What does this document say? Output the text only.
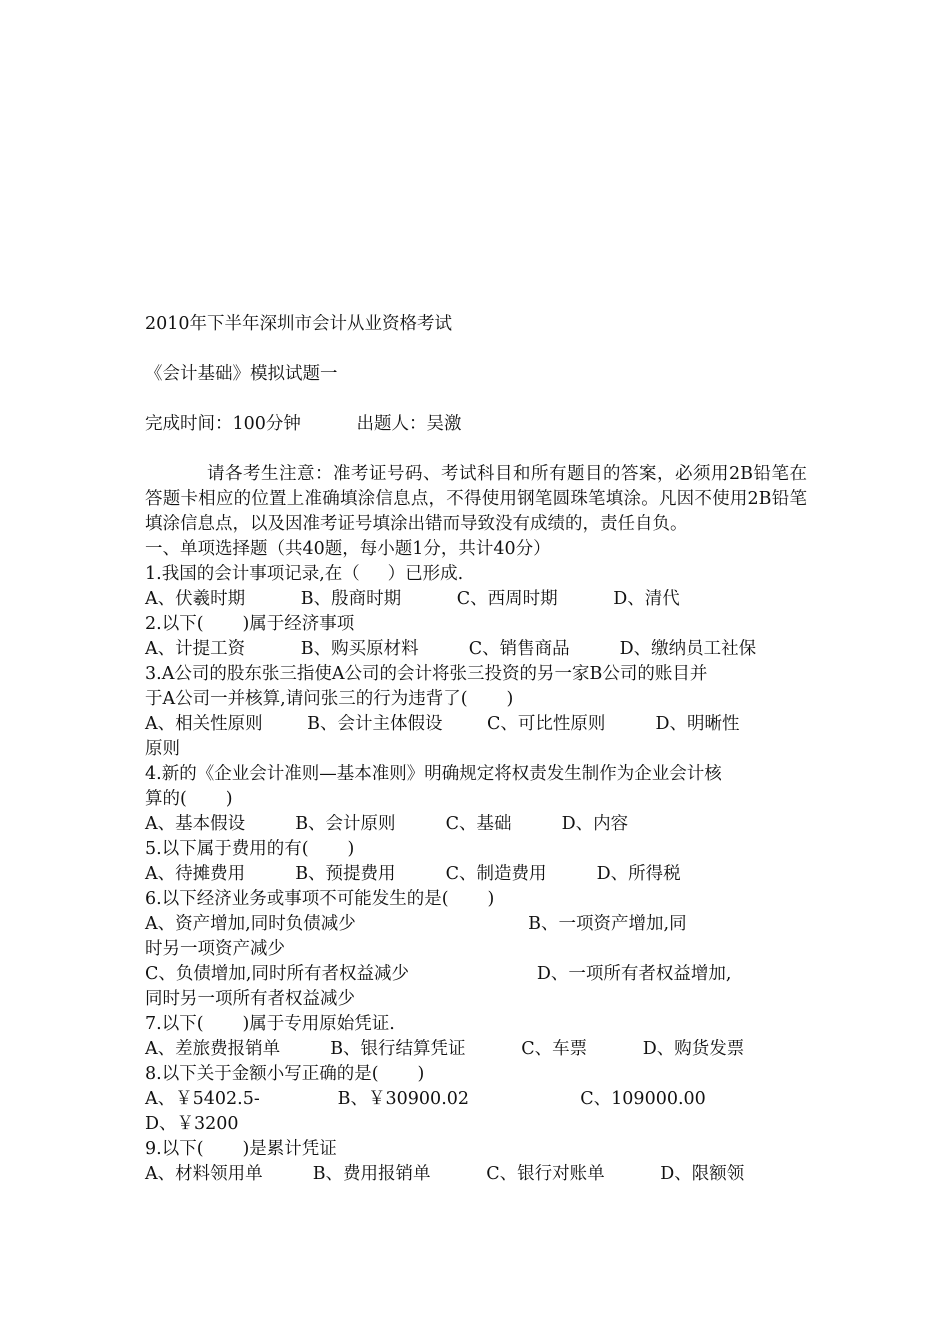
2010年下半年深圳市会计从业资格考试
《会计基础》模拟试题一
完成时间：100分钟          出题人：吴激

请各考生注意：准考证号码、考试科目和所有题目的答案，必须用2B铅笔在答题卡相应的位置上准确填涂信息点，不得使用钢笔圆珠笔填涂。凡因不使用2B铅笔填涂信息点，以及因准考证号填涂出错而导致没有成绩的，责任自负。

一、单项选择题（共40题，每小题1分，共计40分）
1.我国的会计事项记录,在（     ）已形成.
A、伏羲时期          B、殷商时期          C、西周时期          D、清代
2.以下(       )属于经济事项
A、计提工资          B、购买原材料         C、销售商品         D、缴纳员工社保
3.A公司的股东张三指使A公司的会计将张三投资的另一家B公司的账目并
于A公司一并核算,请问张三的行为违背了(       )
A、相关性原则        B、会计主体假设        C、可比性原则         D、明晰性
原则
4.新的《企业会计准则—基本准则》明确规定将权责发生制作为企业会计核
算的(       )
A、基本假设         B、会计原则         C、基础         D、内容
5.以下属于费用的有(       )
A、待摊费用         B、预提费用         C、制造费用         D、所得税
6.以下经济业务或事项不可能发生的是(       )
A、资产增加,同时负债减少                               B、一项资产增加,同
时另一项资产减少
C、负债增加,同时所有者权益减少                       D、一项所有者权益增加,
同时另一项所有者权益减少
7.以下(       )属于专用原始凭证.
A、差旅费报销单         B、银行结算凭证          C、车票          D、购货发票
8.以下关于金额小写正确的是(       )
A、￥5402.5-              B、￥30900.02                    C、109000.00
D、￥3200
9.以下(       )是累计凭证
A、材料领用单         B、费用报销单          C、银行对账单          D、限额领
